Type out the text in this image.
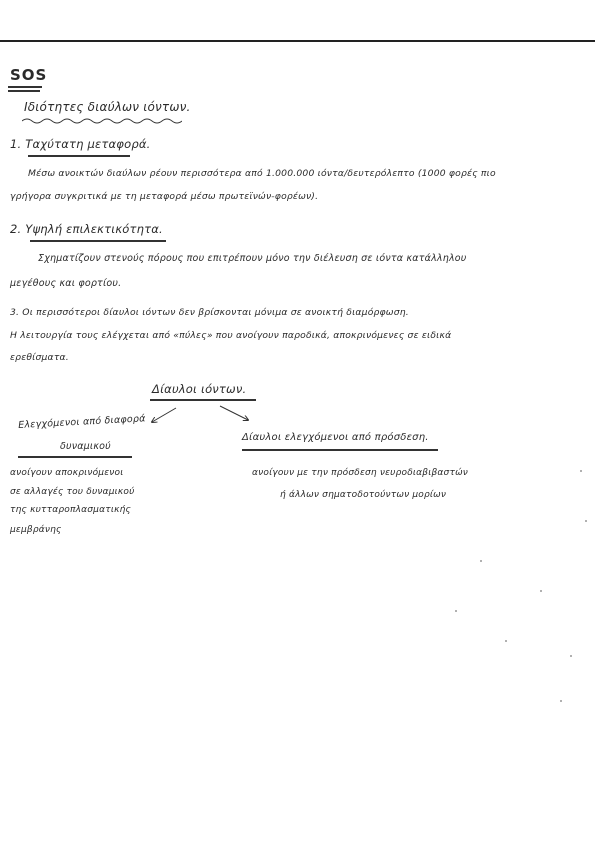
SOS
Ιδιότητες διαύλων ιόντων.
1. Ταχύτατη μεταφορά.
Μέσω ανοικτών διαύλων ρέουν περισσότερα από 1.000.000 ιόντα/δευτερόλεπτο (1000 φορές πιο
γρήγορα συγκριτικά με τη μεταφορά μέσω πρωτεϊνών-φορέων).
2. Υψηλή επιλεκτικότητα.
Σχηματίζουν στενούς πόρους που επιτρέπουν μόνο την διέλευση σε ιόντα κατάλληλου
μεγέθους και φορτίου.
3. Οι περισσότεροι δίαυλοι ιόντων δεν βρίσκονται μόνιμα σε ανοικτή διαμόρφωση.
Η λειτουργία τους ελέγχεται από «πύλες» που ανοίγουν παροδικά, αποκρινόμενες σε ειδικά
ερεθίσματα.
Δίαυλοι ιόντων.
Ελεγχόμενοι από διαφορά
δυναμικού
ανοίγουν αποκρινόμενοι
σε αλλαγές του δυναμικού
της κυτταροπλασματικής
μεμβράνης
Δίαυλοι ελεγχόμενοι από πρόσδεση.
ανοίγουν με την πρόσδεση νευροδιαβιβαστών
ή άλλων σηματοδοτούντων μορίων
